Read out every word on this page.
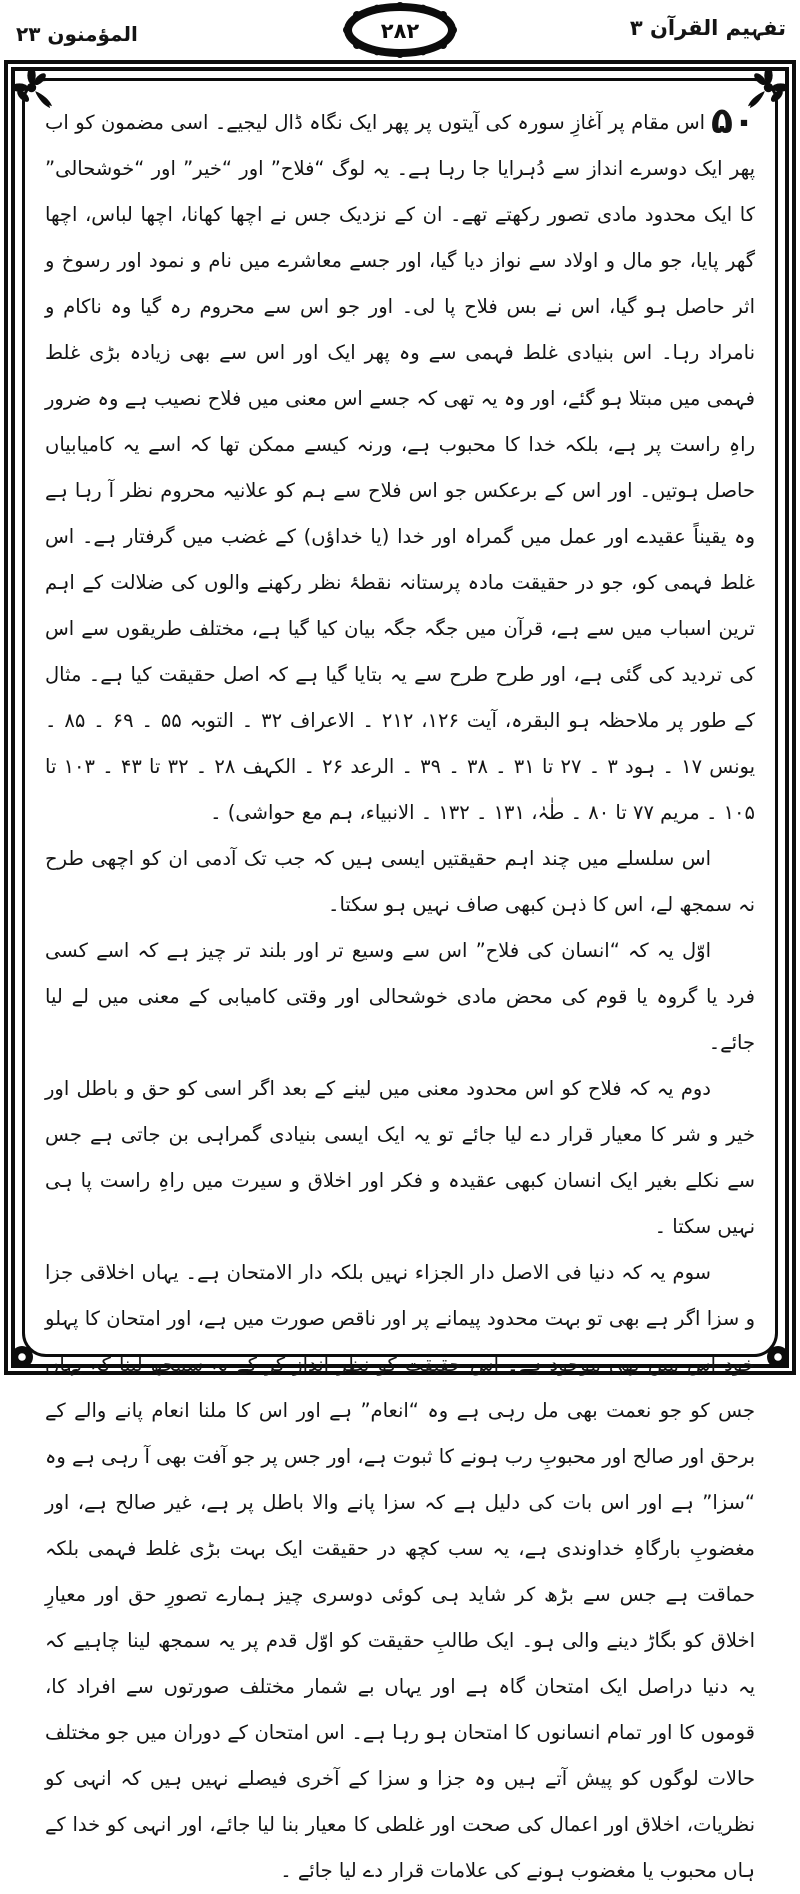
تفہیم القرآن ۳
المؤمنون ۲۳	۲۸۲

۵۰اس مقام پر آغازِ سورہ کی آیتوں پر پھر ایک نگاہ ڈال لیجیے۔ اسی مضمون کو اب پھر ایک دوسرے انداز سے دُہرایا جا رہا ہے۔ یہ لوگ “فلاح” اور “خیر” اور “خوشحالی” کا ایک محدود مادی تصور رکھتے تھے۔ ان کے نزدیک جس نے اچھا کھانا، اچھا لباس، اچھا گھر پایا، جو مال و اولاد سے نواز دیا گیا، اور جسے معاشرے میں نام و نمود اور رسوخ و اثر حاصل ہو گیا، اس نے بس فلاح پا لی۔ اور جو اس سے محروم رہ گیا وہ ناکام و نامراد رہا۔ اس بنیادی غلط فہمی سے وہ پھر ایک اور اس سے بھی زیادہ بڑی غلط فہمی میں مبتلا ہو گئے، اور وہ یہ تھی کہ جسے اس معنی میں فلاح نصیب ہے وہ ضرور راہِ راست پر ہے، بلکہ خدا کا محبوب ہے، ورنہ کیسے ممکن تھا کہ اسے یہ کامیابیاں حاصل ہوتیں۔ اور اس کے برعکس جو اس فلاح سے ہم کو علانیہ محروم نظر آ رہا ہے وہ یقیناً عقیدے اور عمل میں گمراہ اور خدا (یا خداؤں) کے غضب میں گرفتار ہے۔ اس غلط فہمی کو، جو در حقیقت مادہ پرستانہ نقطۂ نظر رکھنے والوں کی ضلالت کے اہم ترین اسباب میں سے ہے، قرآن میں جگہ جگہ بیان کیا گیا ہے، مختلف طریقوں سے اس کی تردید کی گئی ہے، اور طرح طرح سے یہ بتایا گیا ہے کہ اصل حقیقت کیا ہے۔ مثال کے طور پر ملاحظہ ہو البقرہ، آیت ۱۲۶، ۲۱۲ ۔ الاعراف ۳۲ ۔ التوبہ ۵۵ ۔ ۶۹ ۔ ۸۵ ۔ یونس ۱۷ ۔ ہود ۳ ۔ ۲۷ تا ۳۱ ۔ ۳۸ ۔ ۳۹ ۔ الرعد ۲۶ ۔ الکہف ۲۸ ۔ ۳۲ تا ۴۳ ۔ ۱۰۳ تا ۱۰۵ ۔ مریم ۷۷ تا ۸۰ ۔ طٰہٰ، ۱۳۱ ۔ ۱۳۲ ۔ الانبیاء، ہم مع حواشی) ۔

اس سلسلے میں چند اہم حقیقتیں ایسی ہیں کہ جب تک آدمی ان کو اچھی طرح نہ سمجھ لے، اس کا ذہن کبھی صاف نہیں ہو سکتا۔

اوّل یہ کہ “انسان کی فلاح” اس سے وسیع تر اور بلند تر چیز ہے کہ اسے کسی فرد یا گروہ یا قوم کی محض مادی خوشحالی اور وقتی کامیابی کے معنی میں لے لیا جائے۔

دوم یہ کہ فلاح کو اس محدود معنی میں لینے کے بعد اگر اسی کو حق و باطل اور خیر و شر کا معیار قرار دے لیا جائے تو یہ ایک ایسی بنیادی گمراہی بن جاتی ہے جس سے نکلے بغیر ایک انسان کبھی عقیدہ و فکر اور اخلاق و سیرت میں راہِ راست پا ہی نہیں سکتا ۔

سوم یہ کہ دنیا فی الاصل دار الجزاء نہیں بلکہ دار الامتحان ہے۔ یہاں اخلاقی جزا و سزا اگر ہے بھی تو بہت محدود پیمانے پر اور ناقص صورت میں ہے، اور امتحان کا پہلو خود اس میں بھی موجود ہے۔ اس حقیقت کو نظر انداز کر کے یہ سمجھ لینا کہ یہاں جس کو جو نعمت بھی مل رہی ہے وہ “انعام” ہے اور اس کا ملنا انعام پانے والے کے برحق اور صالح اور محبوبِ رب ہونے کا ثبوت ہے، اور جس پر جو آفت بھی آ رہی ہے وہ “سزا” ہے اور اس بات کی دلیل ہے کہ سزا پانے والا باطل پر ہے، غیر صالح ہے، اور مغضوبِ بارگاہِ خداوندی ہے، یہ سب کچھ در حقیقت ایک بہت بڑی غلط فہمی بلکہ حماقت ہے جس سے بڑھ کر شاید ہی کوئی دوسری چیز ہمارے تصورِ حق اور معیارِ اخلاق کو بگاڑ دینے والی ہو۔ ایک طالبِ حقیقت کو اوّل قدم پر یہ سمجھ لینا چاہیے کہ یہ دنیا دراصل ایک امتحان گاہ ہے اور یہاں بے شمار مختلف صورتوں سے افراد کا، قوموں کا اور تمام انسانوں کا امتحان ہو رہا ہے۔ اس امتحان کے دوران میں جو مختلف حالات لوگوں کو پیش آتے ہیں وہ جزا و سزا کے آخری فیصلے نہیں ہیں کہ انہی کو نظریات، اخلاق اور اعمال کی صحت اور غلطی کا معیار بنا لیا جائے، اور انہی کو خدا کے ہاں محبوب یا مغضوب ہونے کی علامات قرار دے لیا جائے ۔
